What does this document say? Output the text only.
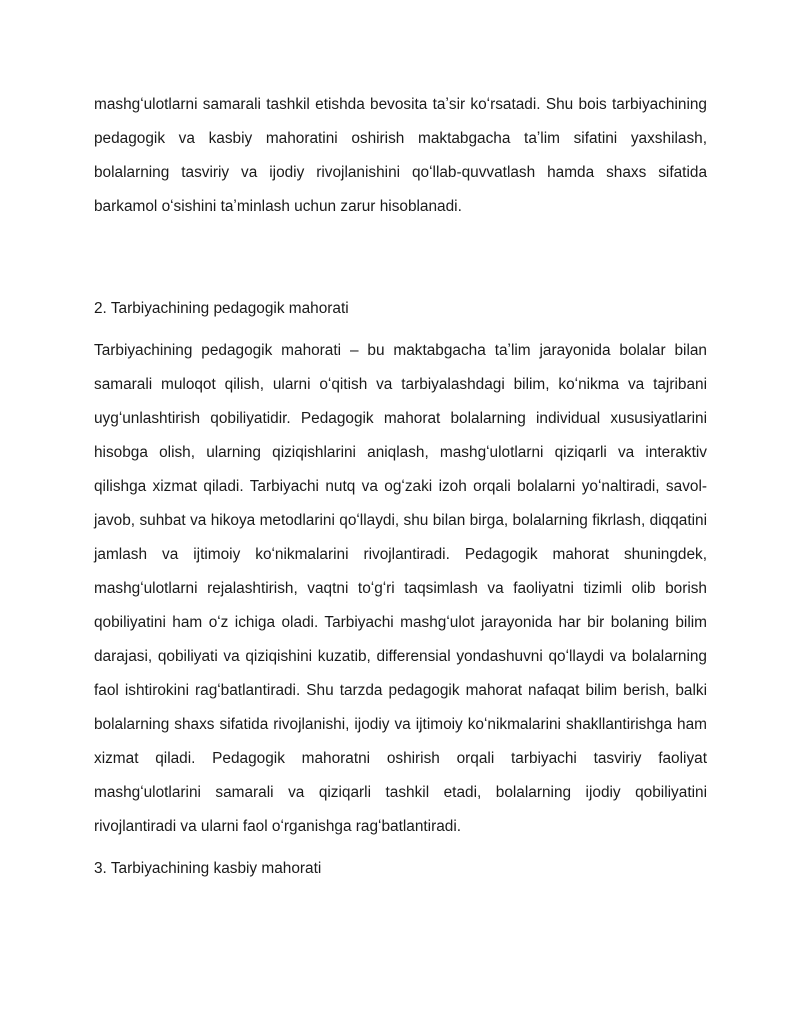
mashgʻulotlarni samarali tashkil etishda bevosita taʼsir koʻrsatadi. Shu bois tarbiyachining pedagogik va kasbiy mahoratini oshirish maktabgacha taʼlim sifatini yaxshilash, bolalarning tasviriy va ijodiy rivojlanishini qoʻllab-quvvatlash hamda shaxs sifatida barkamol oʻsishini taʼminlash uchun zarur hisoblanadi.

2. Tarbiyachining pedagogik mahorati

Tarbiyachining pedagogik mahorati – bu maktabgacha taʼlim jarayonida bolalar bilan samarali muloqot qilish, ularni oʻqitish va tarbiyalashdagi bilim, koʻnikma va tajribani uygʻunlashtirish qobiliyatidir. Pedagogik mahorat bolalarning individual xususiyatlarini hisobga olish, ularning qiziqishlarini aniqlash, mashgʻulotlarni qiziqarli va interaktiv qilishga xizmat qiladi. Tarbiyachi nutq va ogʻzaki izoh orqali bolalarni yoʻnaltiradi, savol-javob, suhbat va hikoya metodlarini qoʻllaydi, shu bilan birga, bolalarning fikrlash, diqqatini jamlash va ijtimoiy koʻnikmalarini rivojlantiradi. Pedagogik mahorat shuningdek, mashgʻulotlarni rejalashtirish, vaqtni toʻgʻri taqsimlash va faoliyatni tizimli olib borish qobiliyatini ham oʻz ichiga oladi. Tarbiyachi mashgʻulot jarayonida har bir bolaning bilim darajasi, qobiliyati va qiziqishini kuzatib, differensial yondashuvni qoʻllaydi va bolalarning faol ishtirokini ragʻbatlantiradi. Shu tarzda pedagogik mahorat nafaqat bilim berish, balki bolalarning shaxs sifatida rivojlanishi, ijodiy va ijtimoiy koʻnikmalarini shakllantirishga ham xizmat qiladi. Pedagogik mahoratni oshirish orqali tarbiyachi tasviriy faoliyat mashgʻulotlarini samarali va qiziqarli tashkil etadi, bolalarning ijodiy qobiliyatini rivojlantiradi va ularni faol oʻrganishga ragʻbatlantiradi.

3. Tarbiyachining kasbiy mahorati
